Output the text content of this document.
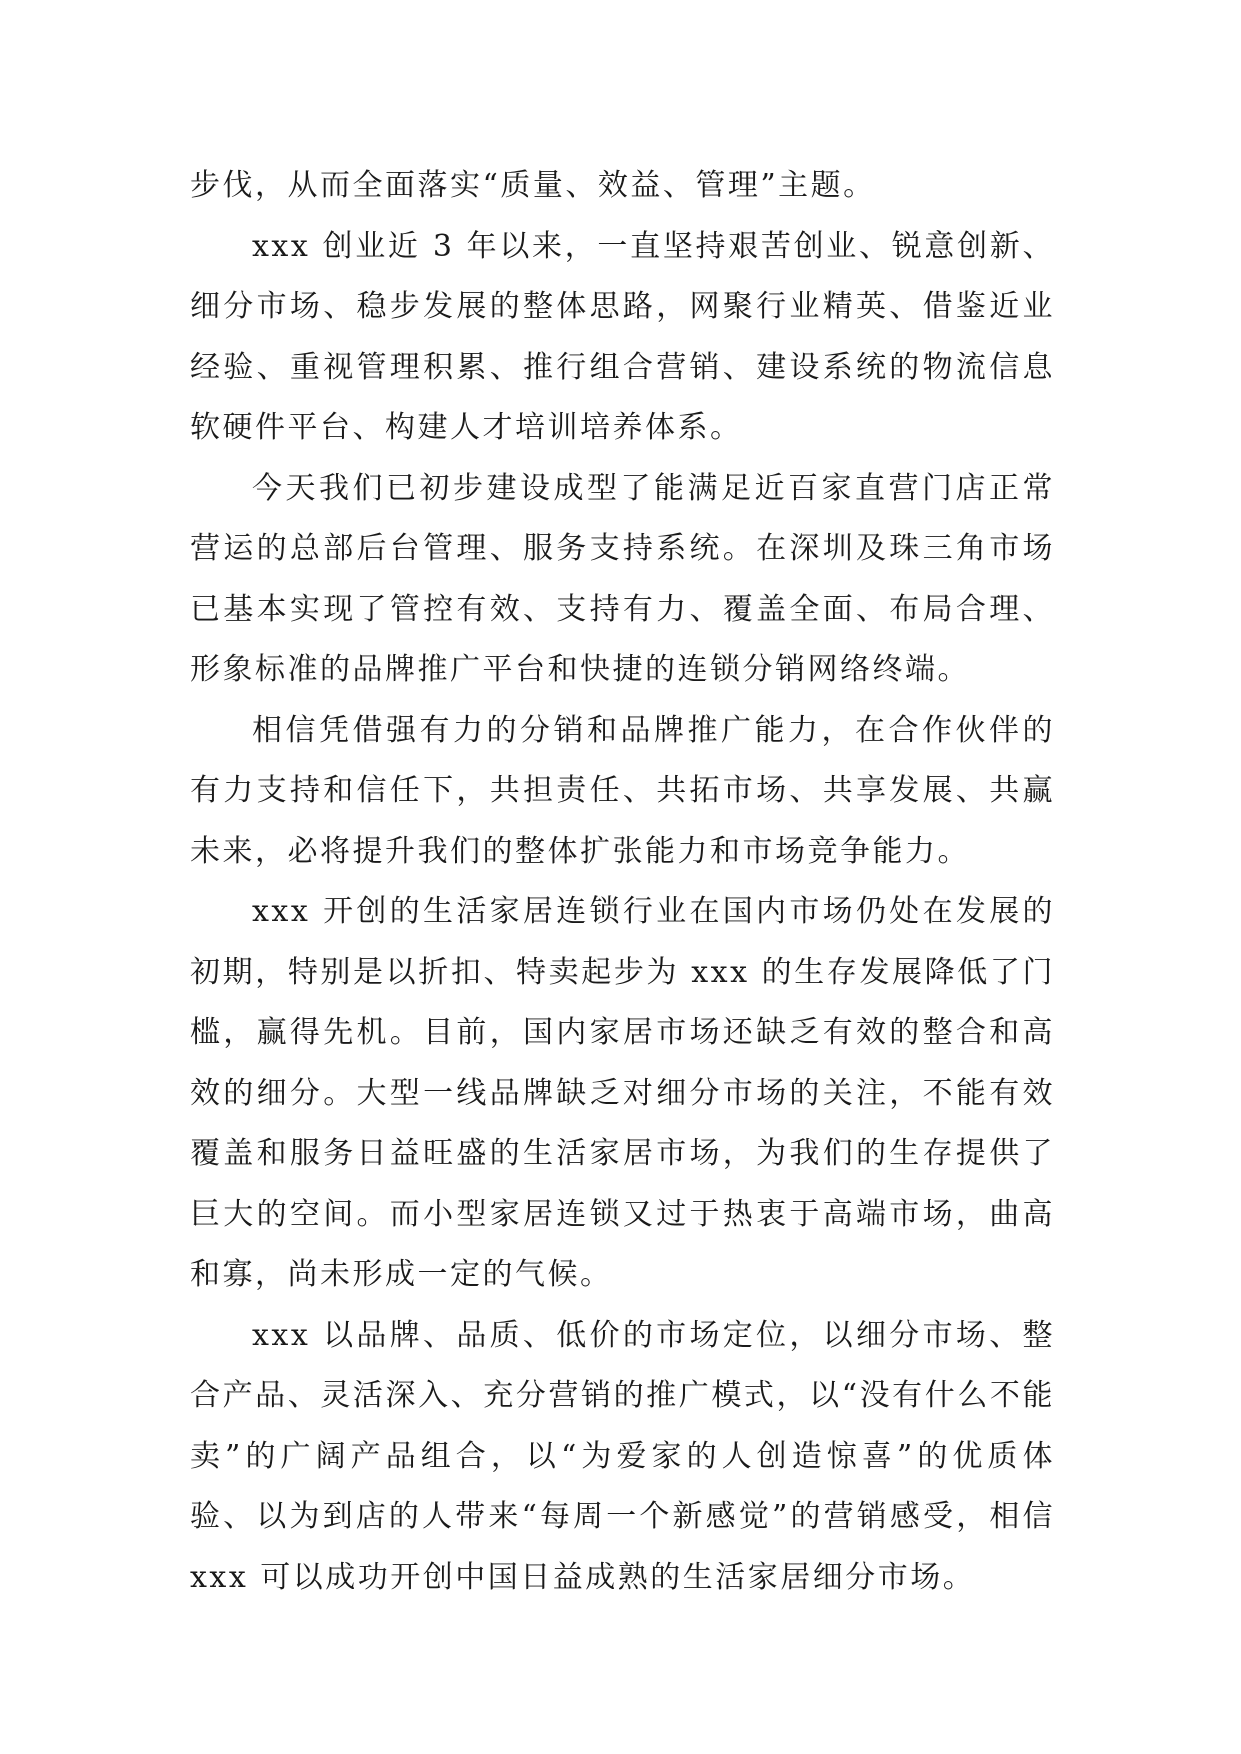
步伐，从而全面落实“质量、效益、管理”主题。

xxx 创业近 3 年以来，一直坚持艰苦创业、锐意创新、细分市场、稳步发展的整体思路，网聚行业精英、借鉴近业经验、重视管理积累、推行组合营销、建设系统的物流信息软硬件平台、构建人才培训培养体系。

今天我们已初步建设成型了能满足近百家直营门店正常营运的总部后台管理、服务支持系统。在深圳及珠三角市场已基本实现了管控有效、支持有力、覆盖全面、布局合理、形象标准的品牌推广平台和快捷的连锁分销网络终端。

相信凭借强有力的分销和品牌推广能力，在合作伙伴的有力支持和信任下，共担责任、共拓市场、共享发展、共赢未来，必将提升我们的整体扩张能力和市场竞争能力。

xxx 开创的生活家居连锁行业在国内市场仍处在发展的初期，特别是以折扣、特卖起步为 xxx 的生存发展降低了门槛，赢得先机。目前，国内家居市场还缺乏有效的整合和高效的细分。大型一线品牌缺乏对细分市场的关注，不能有效覆盖和服务日益旺盛的生活家居市场，为我们的生存提供了巨大的空间。而小型家居连锁又过于热衷于高端市场，曲高和寡，尚未形成一定的气候。

xxx 以品牌、品质、低价的市场定位，以细分市场、整合产品、灵活深入、充分营销的推广模式，以“没有什么不能卖”的广阔产品组合，以“为爱家的人创造惊喜”的优质体验、以为到店的人带来“每周一个新感觉”的营销感受，相信 xxx 可以成功开创中国日益成熟的生活家居细分市场。
